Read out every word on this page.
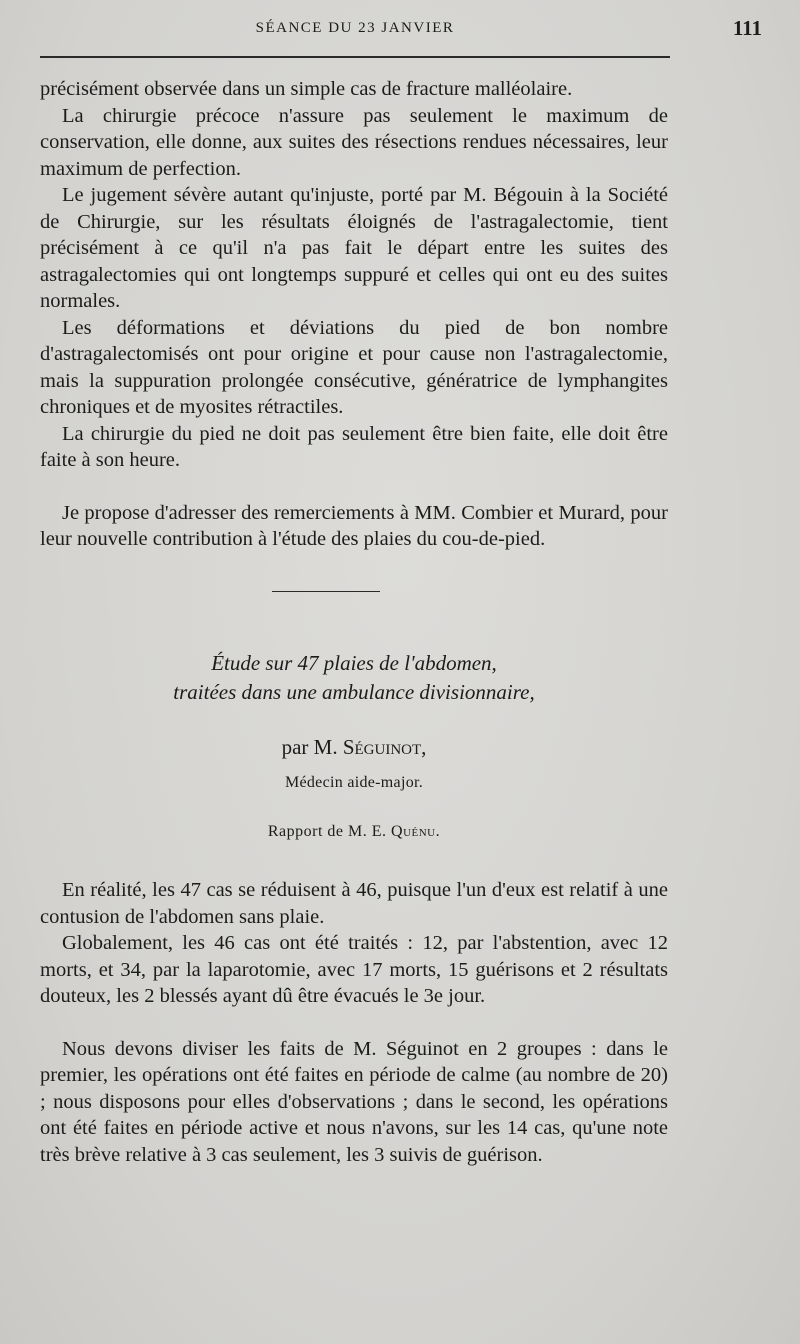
SÉANCE DU 23 JANVIER	111

précisément observée dans un simple cas de fracture malléolaire.

La chirurgie précoce n'assure pas seulement le maximum de conservation, elle donne, aux suites des résections rendues nécessaires, leur maximum de perfection.

Le jugement sévère autant qu'injuste, porté par M. Bégouin à la Société de Chirurgie, sur les résultats éloignés de l'astragalectomie, tient précisément à ce qu'il n'a pas fait le départ entre les suites des astragalectomies qui ont longtemps suppuré et celles qui ont eu des suites normales.

Les déformations et déviations du pied de bon nombre d'astragalectomisés ont pour origine et pour cause non l'astragalectomie, mais la suppuration prolongée consécutive, génératrice de lymphangites chroniques et de myosites rétractiles.

La chirurgie du pied ne doit pas seulement être bien faite, elle doit être faite à son heure.

Je propose d'adresser des remerciements à MM. Combier et Murard, pour leur nouvelle contribution à l'étude des plaies du cou-de-pied.

Étude sur 47 plaies de l'abdomen,
traitées dans une ambulance divisionnaire,
par M. Séguinot,
Médecin aide-major.
Rapport de M. E. Quénu.

En réalité, les 47 cas se réduisent à 46, puisque l'un d'eux est relatif à une contusion de l'abdomen sans plaie.

Globalement, les 46 cas ont été traités : 12, par l'abstention, avec 12 morts, et 34, par la laparotomie, avec 17 morts, 15 guérisons et 2 résultats douteux, les 2 blessés ayant dû être évacués le 3e jour.

Nous devons diviser les faits de M. Séguinot en 2 groupes : dans le premier, les opérations ont été faites en période de calme (au nombre de 20) ; nous disposons pour elles d'observations ; dans le second, les opérations ont été faites en période active et nous n'avons, sur les 14 cas, qu'une note très brève relative à 3 cas seulement, les 3 suivis de guérison.
